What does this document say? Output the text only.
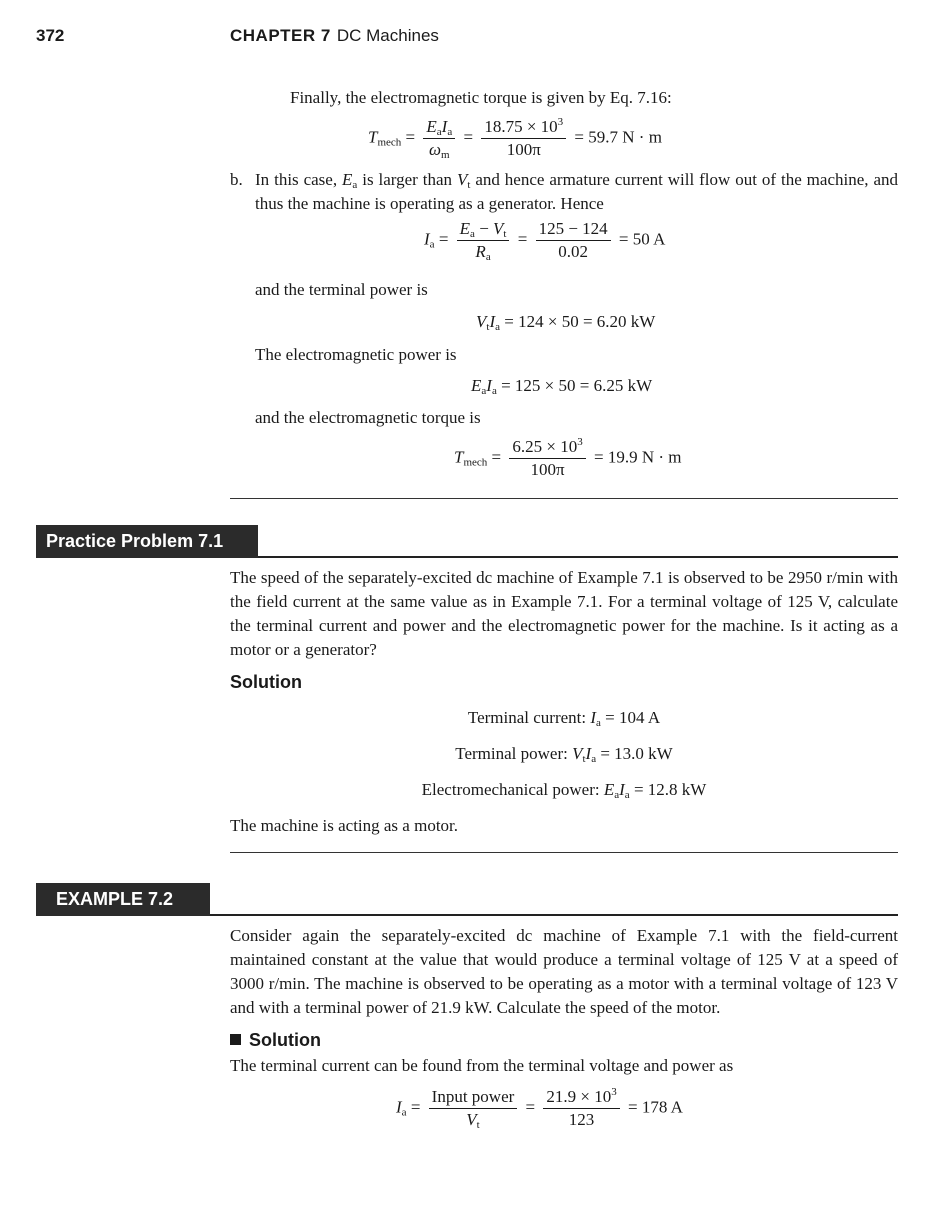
372	CHAPTER 7 DC Machines
Finally, the electromagnetic torque is given by Eq. 7.16:
$T_{mech} = \frac{E_aI_a}{\omega_m} = \frac{18.75 \times 10^3}{100\pi} = 59.7$ N · m
b. In this case, $E_a$ is larger than $V_t$ and hence armature current will flow out of the machine, and thus the machine is operating as a generator. Hence
$I_a = \frac{E_a - V_t}{R_a} = \frac{125 - 124}{0.02} = 50$ A
and the terminal power is
$V_tI_a = 124 \times 50 = 6.20$ kW
The electromagnetic power is
$E_aI_a = 125 \times 50 = 6.25$ kW
and the electromagnetic torque is
$T_{mech} = \frac{6.25 \times 10^3}{100\pi} = 19.9$ N · m
Practice Problem 7.1
The speed of the separately-excited dc machine of Example 7.1 is observed to be 2950 r/min with the field current at the same value as in Example 7.1. For a terminal voltage of 125 V, calculate the terminal current and power and the electromagnetic power for the machine. Is it acting as a motor or a generator?
Solution
Terminal current: $I_a = 104$ A
Terminal power: $V_tI_a = 13.0$ kW
Electromechanical power: $E_aI_a = 12.8$ kW
The machine is acting as a motor.
EXAMPLE 7.2
Consider again the separately-excited dc machine of Example 7.1 with the field-current maintained constant at the value that would produce a terminal voltage of 125 V at a speed of 3000 r/min. The machine is observed to be operating as a motor with a terminal voltage of 123 V and with a terminal power of 21.9 kW. Calculate the speed of the motor.
Solution
The terminal current can be found from the terminal voltage and power as
$I_a = \frac{\text{Input power}}{V_t} = \frac{21.9 \times 10^3}{123} = 178$ A
